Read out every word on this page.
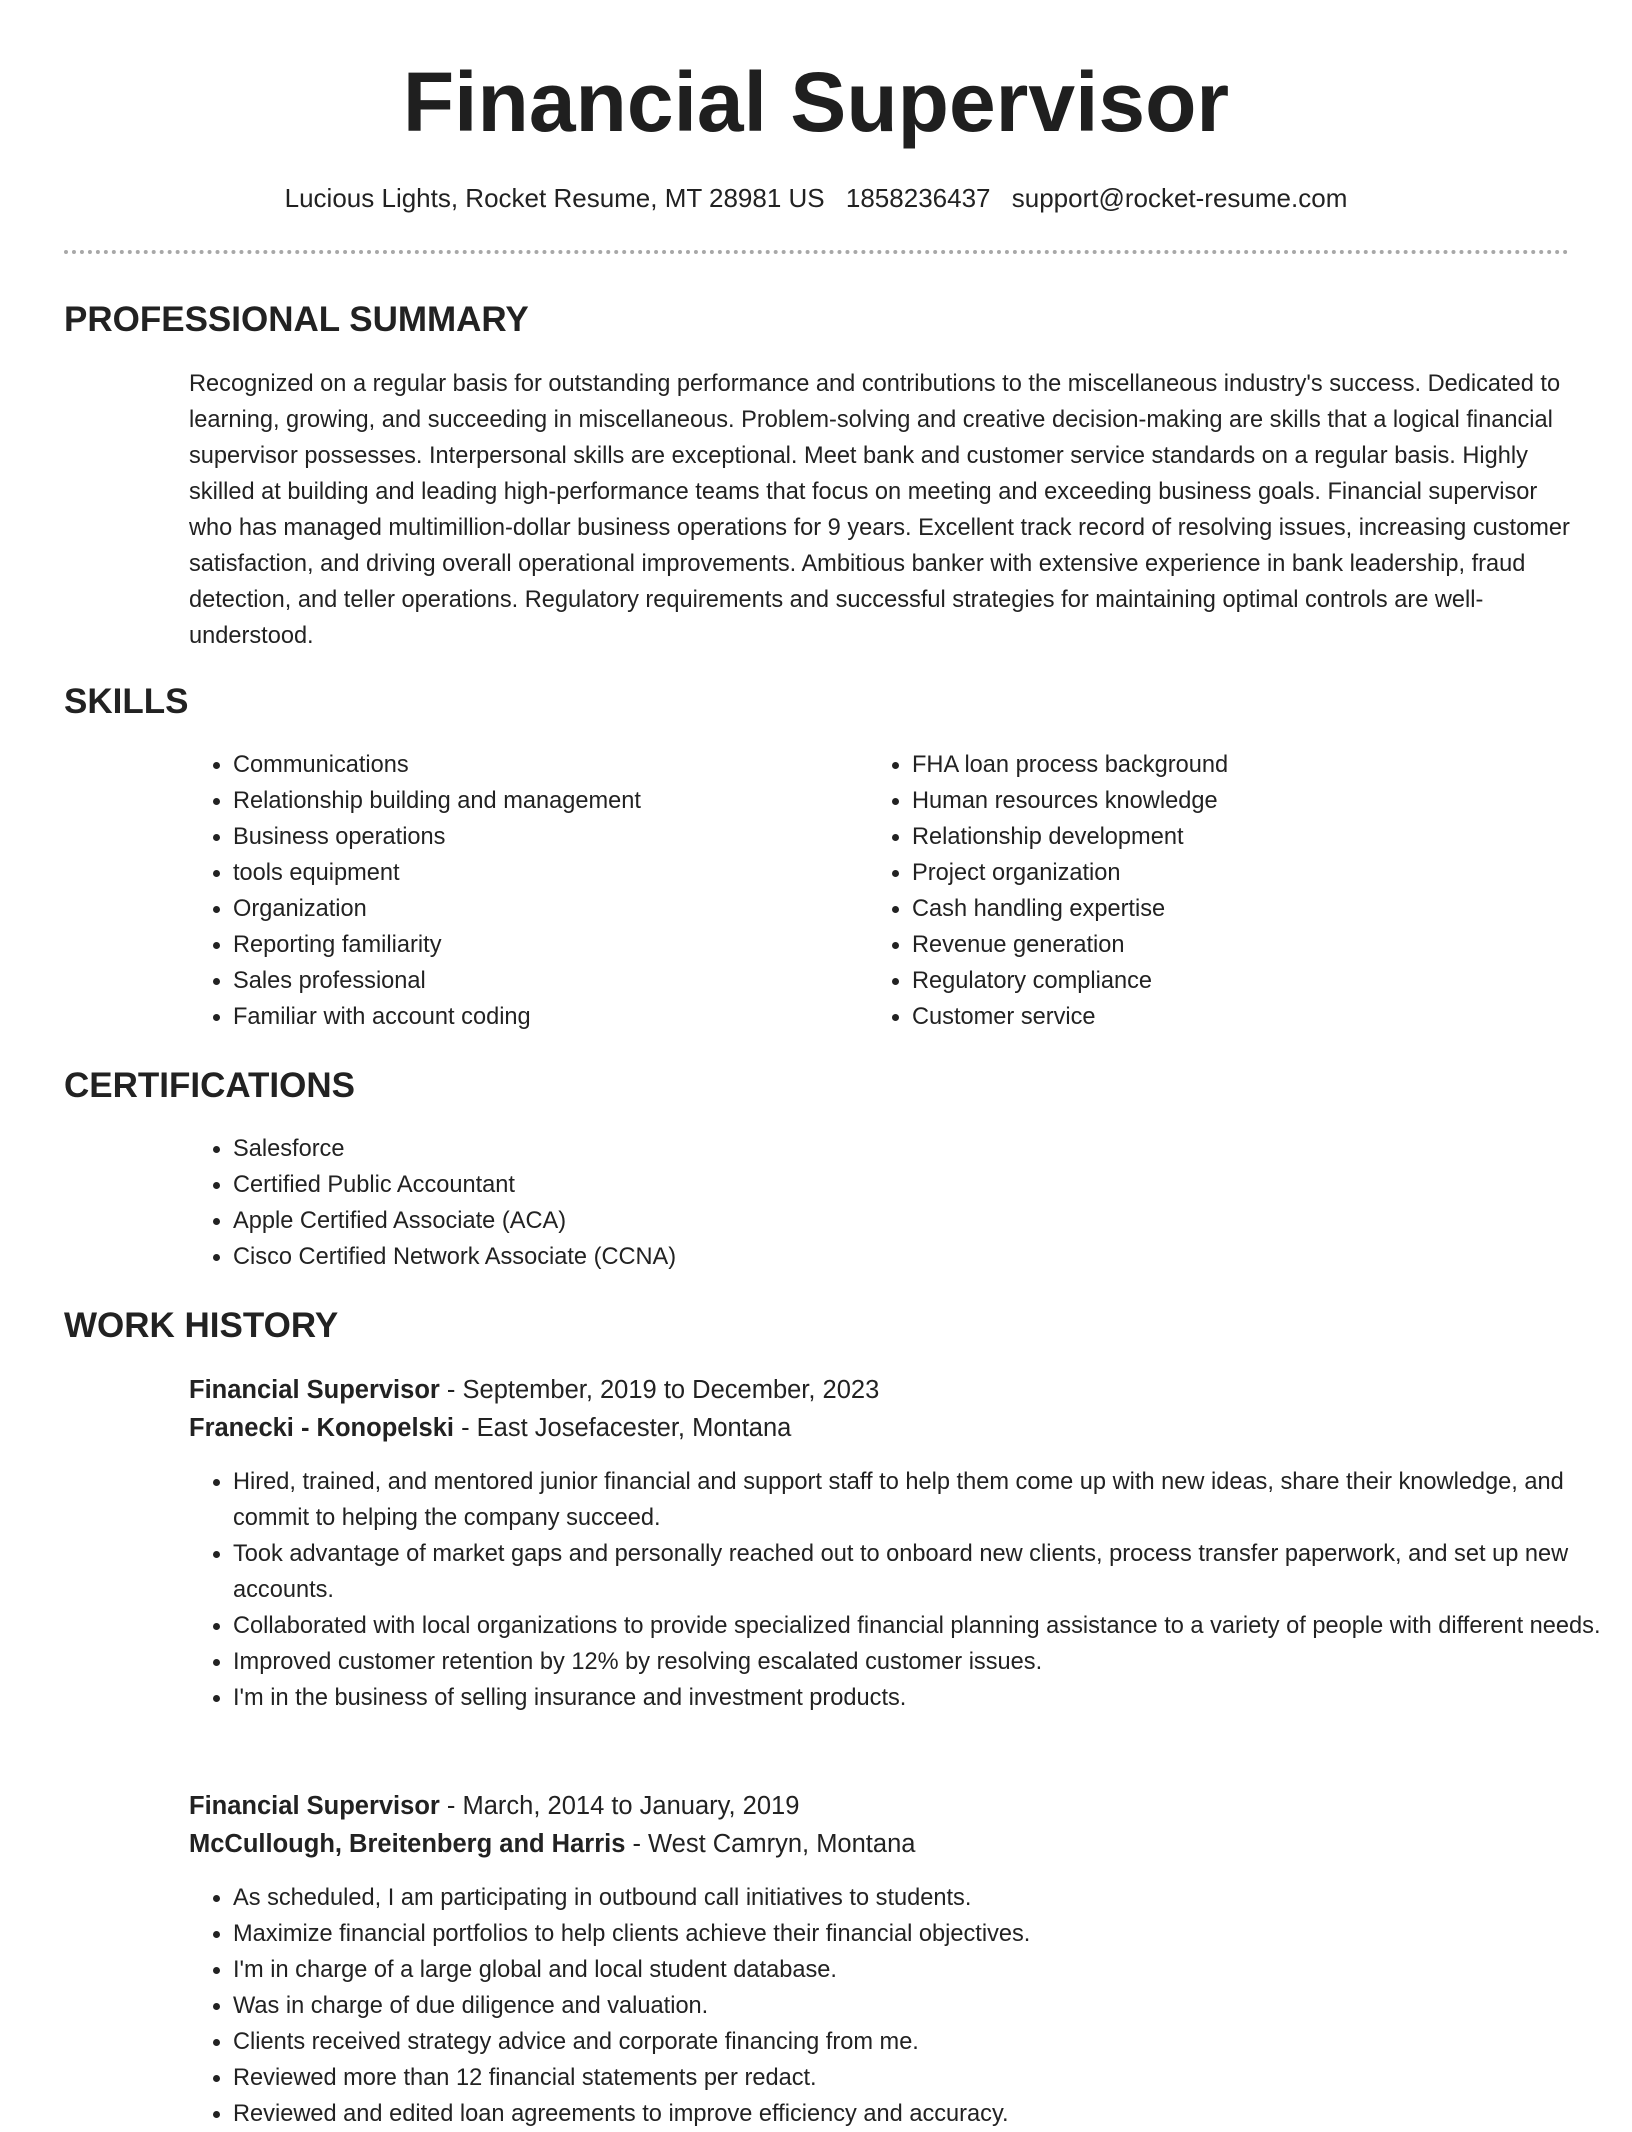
Financial Supervisor
Lucious Lights, Rocket Resume, MT 28981 US 1858236437 support@rocket-resume.com
PROFESSIONAL SUMMARY

Recognized on a regular basis for outstanding performance and contributions to the miscellaneous industry's success. Dedicated to learning, growing, and succeeding in miscellaneous. Problem-solving and creative decision-making are skills that a logical financial supervisor possesses. Interpersonal skills are exceptional. Meet bank and customer service standards on a regular basis. Highly skilled at building and leading high-performance teams that focus on meeting and exceeding business goals. Financial supervisor who has managed multimillion-dollar business operations for 9 years. Excellent track record of resolving issues, increasing customer satisfaction, and driving overall operational improvements. Ambitious banker with extensive experience in bank leadership, fraud detection, and teller operations. Regulatory requirements and successful strategies for maintaining optimal controls are well-understood.

SKILLS
• Communications
• Relationship building and management
• Business operations
• tools equipment
• Organization
• Reporting familiarity
• Sales professional
• Familiar with account coding
• FHA loan process background
• Human resources knowledge
• Relationship development
• Project organization
• Cash handling expertise
• Revenue generation
• Regulatory compliance
• Customer service
CERTIFICATIONS
• Salesforce
• Certified Public Accountant
• Apple Certified Associate (ACA)
• Cisco Certified Network Associate (CCNA)
WORK HISTORY
Financial Supervisor - September, 2019 to December, 2023
Franecki - Konopelski - East Josefacester, Montana
• Hired, trained, and mentored junior financial and support staff to help them come up with new ideas, share their knowledge, and commit to helping the company succeed.
• Took advantage of market gaps and personally reached out to onboard new clients, process transfer paperwork, and set up new accounts.
• Collaborated with local organizations to provide specialized financial planning assistance to a variety of people with different needs.
• Improved customer retention by 12% by resolving escalated customer issues.
• I'm in the business of selling insurance and investment products.
Financial Supervisor - March, 2014 to January, 2019
McCullough, Breitenberg and Harris - West Camryn, Montana
• As scheduled, I am participating in outbound call initiatives to students.
• Maximize financial portfolios to help clients achieve their financial objectives.
• I'm in charge of a large global and local student database.
• Was in charge of due diligence and valuation.
• Clients received strategy advice and corporate financing from me.
• Reviewed more than 12 financial statements per redact.
• Reviewed and edited loan agreements to improve efficiency and accuracy.
